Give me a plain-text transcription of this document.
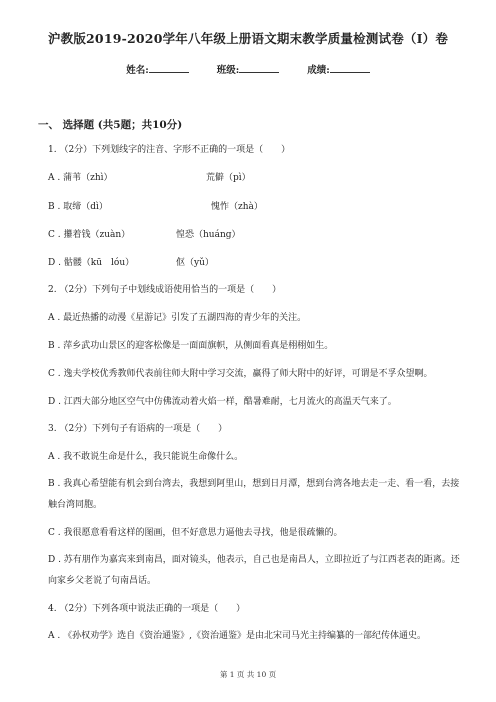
沪教版2019-2020学年八年级上册语文期末教学质量检测试卷（I）卷
姓名:	班级:	成绩:
一、 选择题 (共5题；共10分)
1. （2分）下列划线字的注音、字形不正确的一项是（　　）
A . 蒲苇（zhì）	荒僻（pì）
B . 取缔（dì）	愧怍（zhà）
C . 攥着钱（zuàn）	惶恐（huáng）
D . 骷髅（kū　lóu）	伛（yǔ）
2. （2分）下列句子中划线成语使用恰当的一项是（　　）
A . 最近热播的动漫《星游记》引发了五湖四海的青少年的关注。
B . 萍乡武功山景区的迎客松像是一面面旗帜，从侧面看真是栩栩如生。
C . 逸夫学校优秀教师代表前往师大附中学习交流，赢得了师大附中的好评，可谓是不孚众望啊。
D . 江西大部分地区空气中仿佛流动着火焰一样，酷暑难耐，七月流火的高温天气来了。
3. （2分）下列句子有语病的一项是（　　）
A . 我不敢说生命是什么，我只能说生命像什么。
B . 我真心希望能有机会到台湾去，我想到阿里山，想到日月潭，想到台湾各地去走一走、看一看，去接触台湾同胞。
C . 我很愿意看看这样的图画，但不好意思力逼他去寻找，他是很疏懒的。
D . 苏有朋作为嘉宾来到南昌，面对镜头，他表示，自己也是南昌人，立即拉近了与江西老表的距离。还向家乡父老说了句南昌话。
4. （2分）下列各项中说法正确的一项是（　　）
A . 《孙权劝学》选自《资治通鉴》,《资治通鉴》是由北宋司马光主持编纂的一部纪传体通史。
第 1 页 共 10 页
